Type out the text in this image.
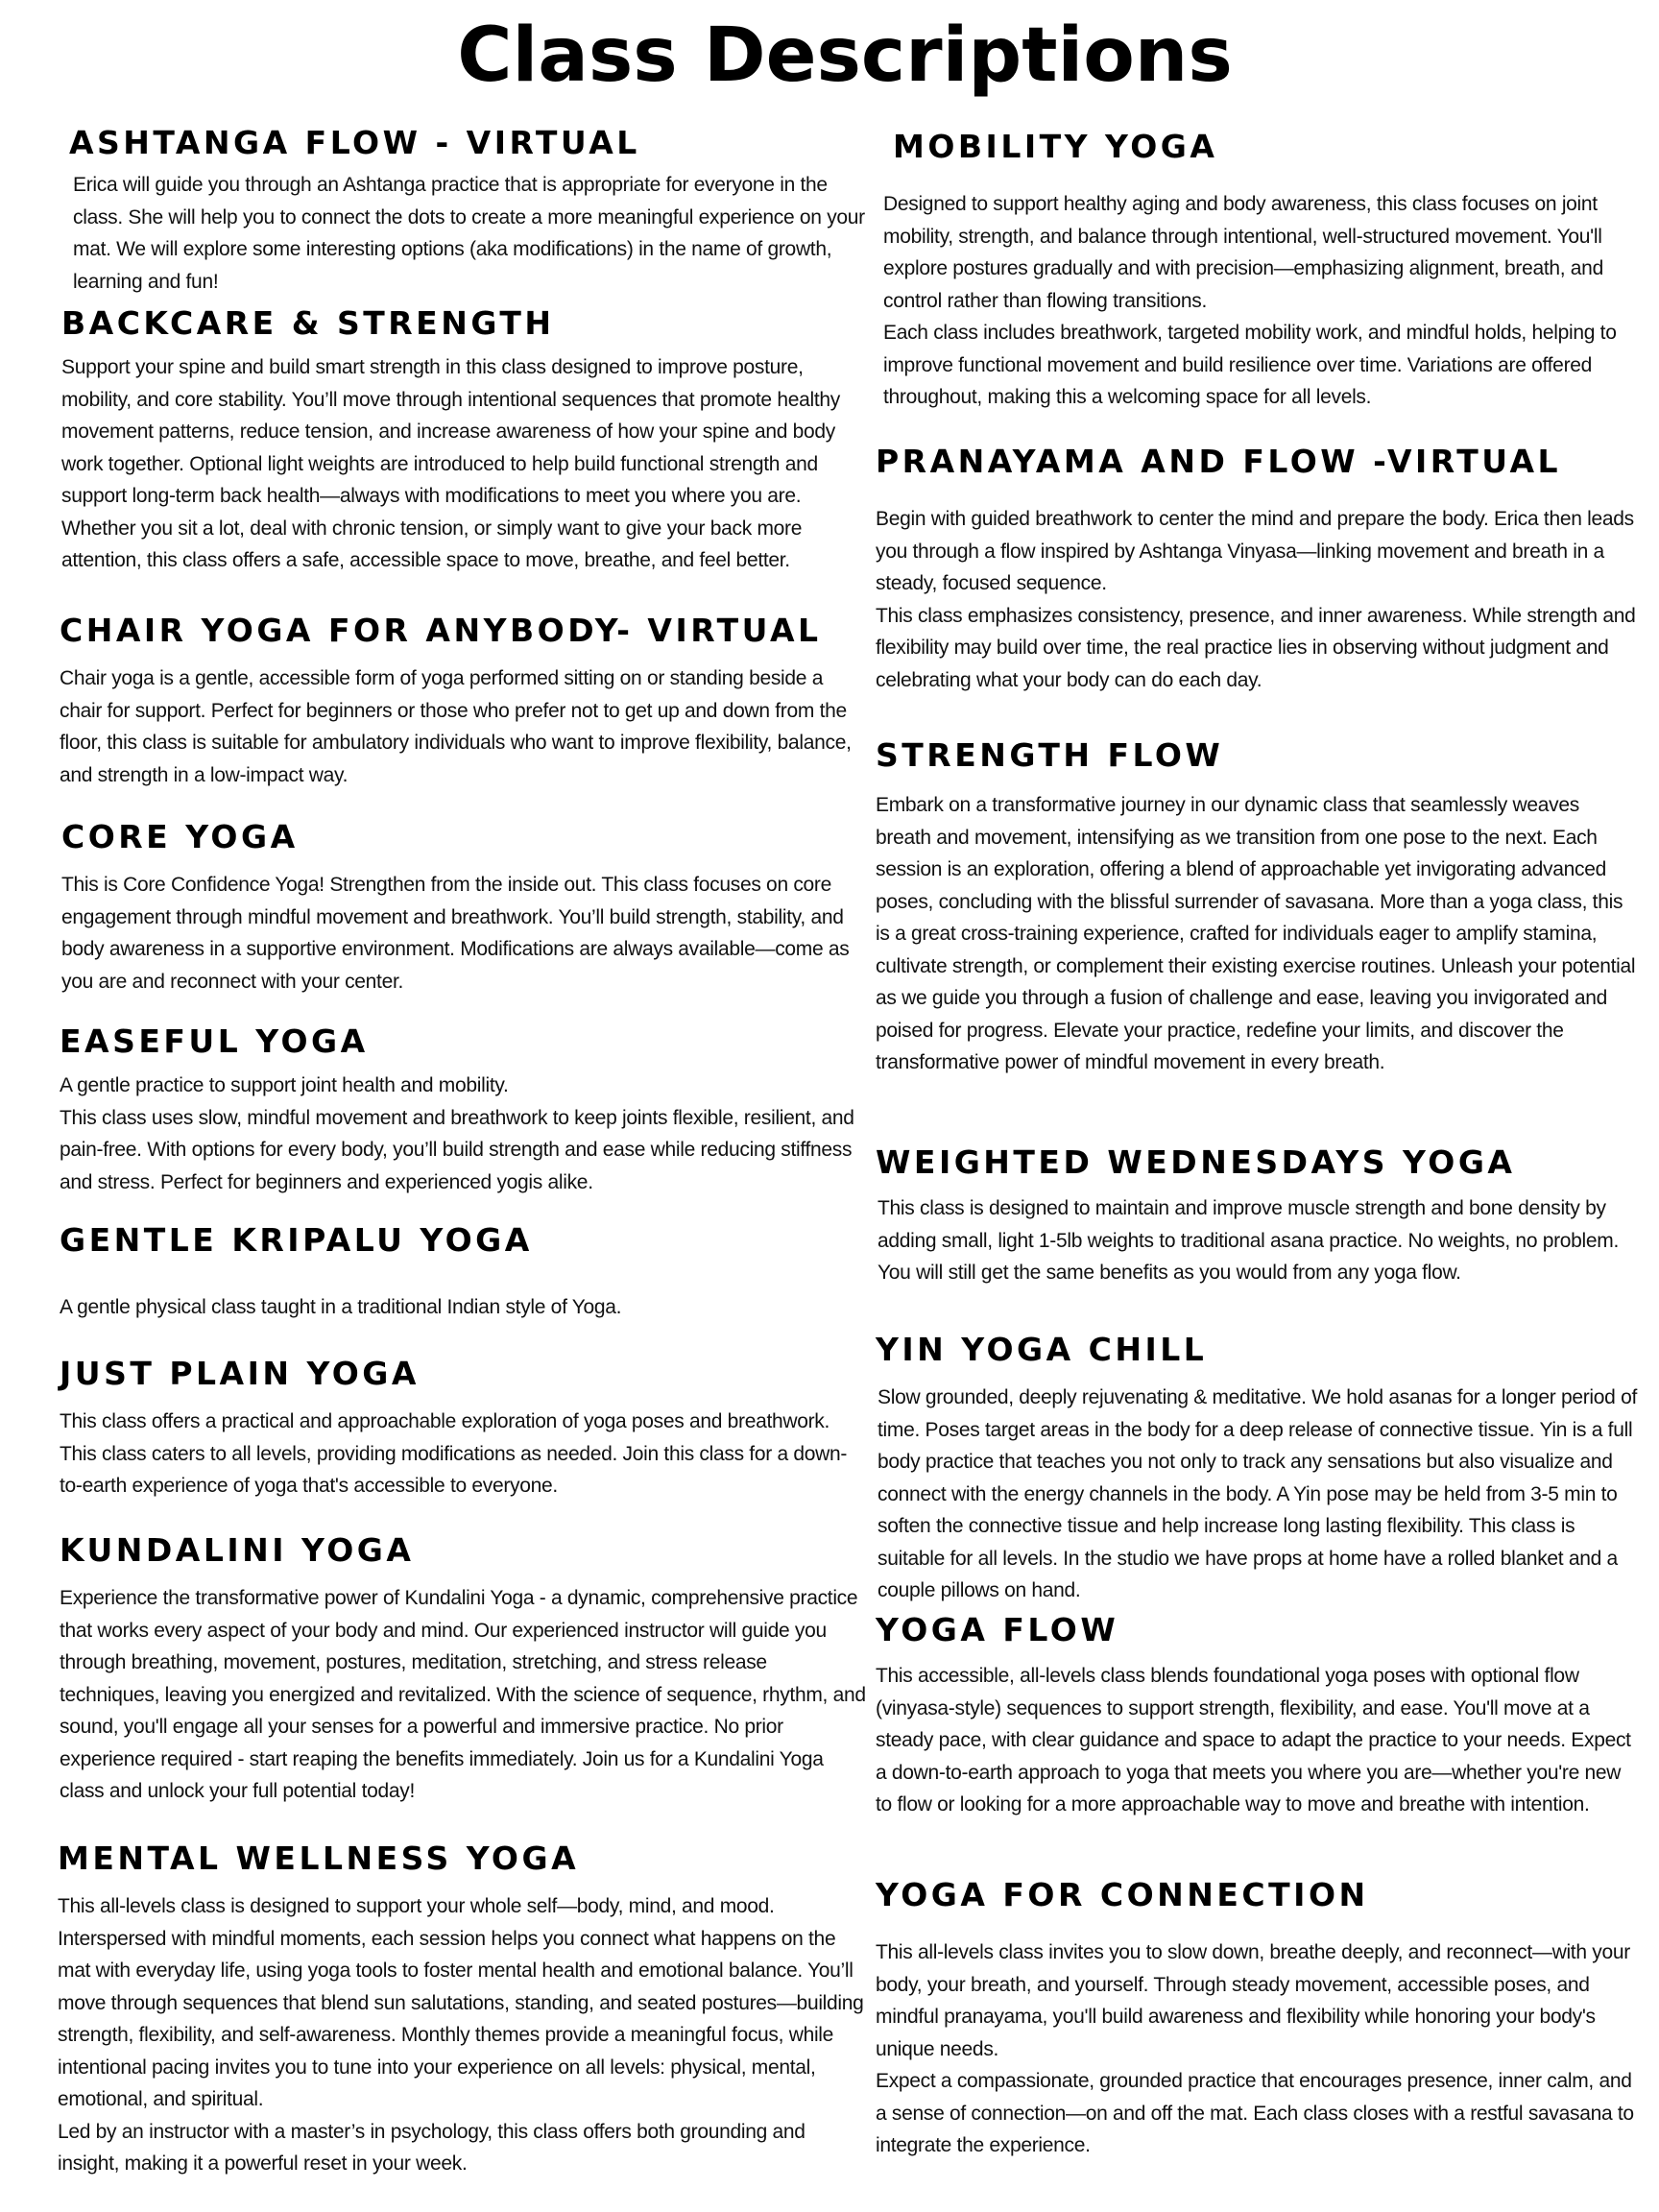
Class Descriptions
ASHTANGA FLOW - VIRTUAL
Erica will guide you through an Ashtanga practice that is appropriate for everyone in the class. She will help you to connect the dots to create a more meaningful experience on your mat. We will explore some interesting options (aka modifications) in the name of growth, learning and fun!
BACKCARE & STRENGTH
Support your spine and build smart strength in this class designed to improve posture, mobility, and core stability. You’ll move through intentional sequences that promote healthy movement patterns, reduce tension, and increase awareness of how your spine and body work together. Optional light weights are introduced to help build functional strength and support long-term back health—always with modifications to meet you where you are. Whether you sit a lot, deal with chronic tension, or simply want to give your back more attention, this class offers a safe, accessible space to move, breathe, and feel better.
CHAIR YOGA FOR ANYBODY- VIRTUAL
Chair yoga is a gentle, accessible form of yoga performed sitting on or standing beside a chair for support. Perfect for beginners or those who prefer not to get up and down from the floor, this class is suitable for ambulatory individuals who want to improve flexibility, balance, and strength in a low-impact way.
CORE YOGA
This is Core Confidence Yoga! Strengthen from the inside out. This class focuses on core engagement through mindful movement and breathwork. You’ll build strength, stability, and body awareness in a supportive environment. Modifications are always available—come as you are and reconnect with your center.
EASEFUL YOGA
A gentle practice to support joint health and mobility.
This class uses slow, mindful movement and breathwork to keep joints flexible, resilient, and pain-free. With options for every body, you’ll build strength and ease while reducing stiffness and stress. Perfect for beginners and experienced yogis alike.
GENTLE KRIPALU YOGA
A gentle physical class taught in a traditional Indian style of Yoga.
JUST PLAIN YOGA
This class offers a practical and approachable exploration of yoga poses and breathwork. This class caters to all levels, providing modifications as needed. Join this class for a down-to-earth experience of yoga that's accessible to everyone.
KUNDALINI YOGA
Experience the transformative power of Kundalini Yoga - a dynamic, comprehensive practice that works every aspect of your body and mind. Our experienced instructor will guide you through breathing, movement, postures, meditation, stretching, and stress release techniques, leaving you energized and revitalized. With the science of sequence, rhythm, and sound, you'll engage all your senses for a powerful and immersive practice. No prior experience required - start reaping the benefits immediately. Join us for a Kundalini Yoga class and unlock your full potential today!
MENTAL WELLNESS YOGA
This all-levels class is designed to support your whole self—body, mind, and mood. Interspersed with mindful moments, each session helps you connect what happens on the mat with everyday life, using yoga tools to foster mental health and emotional balance. You’ll move through sequences that blend sun salutations, standing, and seated postures—building strength, flexibility, and self-awareness. Monthly themes provide a meaningful focus, while intentional pacing invites you to tune into your experience on all levels: physical, mental, emotional, and spiritual.
Led by an instructor with a master’s in psychology, this class offers both grounding and insight, making it a powerful reset in your week.
MOBILITY YOGA
Designed to support healthy aging and body awareness, this class focuses on joint mobility, strength, and balance through intentional, well-structured movement. You'll explore postures gradually and with precision—emphasizing alignment, breath, and control rather than flowing transitions.
Each class includes breathwork, targeted mobility work, and mindful holds, helping to improve functional movement and build resilience over time. Variations are offered throughout, making this a welcoming space for all levels.
PRANAYAMA AND FLOW -VIRTUAL
Begin with guided breathwork to center the mind and prepare the body. Erica then leads you through a flow inspired by Ashtanga Vinyasa—linking movement and breath in a steady, focused sequence.
This class emphasizes consistency, presence, and inner awareness. While strength and flexibility may build over time, the real practice lies in observing without judgment and celebrating what your body can do each day.
STRENGTH FLOW
Embark on a transformative journey in our dynamic class that seamlessly weaves breath and movement, intensifying as we transition from one pose to the next. Each session is an exploration, offering a blend of approachable yet invigorating advanced poses, concluding with the blissful surrender of savasana. More than a yoga class, this is a great cross-training experience, crafted for individuals eager to amplify stamina, cultivate strength, or complement their existing exercise routines. Unleash your potential as we guide you through a fusion of challenge and ease, leaving you invigorated and poised for progress. Elevate your practice, redefine your limits, and discover the transformative power of mindful movement in every breath.
WEIGHTED WEDNESDAYS YOGA
This class is designed to maintain and improve muscle strength and bone density by adding small, light 1-5lb weights to traditional asana practice. No weights, no problem. You will still get the same benefits as you would from any yoga flow.
YIN YOGA CHILL
Slow grounded, deeply rejuvenating & meditative. We hold asanas for a longer period of time. Poses target areas in the body for a deep release of connective tissue. Yin is a full body practice that teaches you not only to track any sensations but also visualize and connect with the energy channels in the body. A Yin pose may be held from 3-5 min to soften the connective tissue and help increase long lasting flexibility. This class is suitable for all levels. In the studio we have props at home have a rolled blanket and a couple pillows on hand.
YOGA FLOW
This accessible, all-levels class blends foundational yoga poses with optional flow (vinyasa-style) sequences to support strength, flexibility, and ease. You'll move at a steady pace, with clear guidance and space to adapt the practice to your needs. Expect a down-to-earth approach to yoga that meets you where you are—whether you're new to flow or looking for a more approachable way to move and breathe with intention.
YOGA FOR CONNECTION
This all-levels class invites you to slow down, breathe deeply, and reconnect—with your body, your breath, and yourself. Through steady movement, accessible poses, and mindful pranayama, you'll build awareness and flexibility while honoring your body's unique needs.
Expect a compassionate, grounded practice that encourages presence, inner calm, and a sense of connection—on and off the mat. Each class closes with a restful savasana to integrate the experience.
